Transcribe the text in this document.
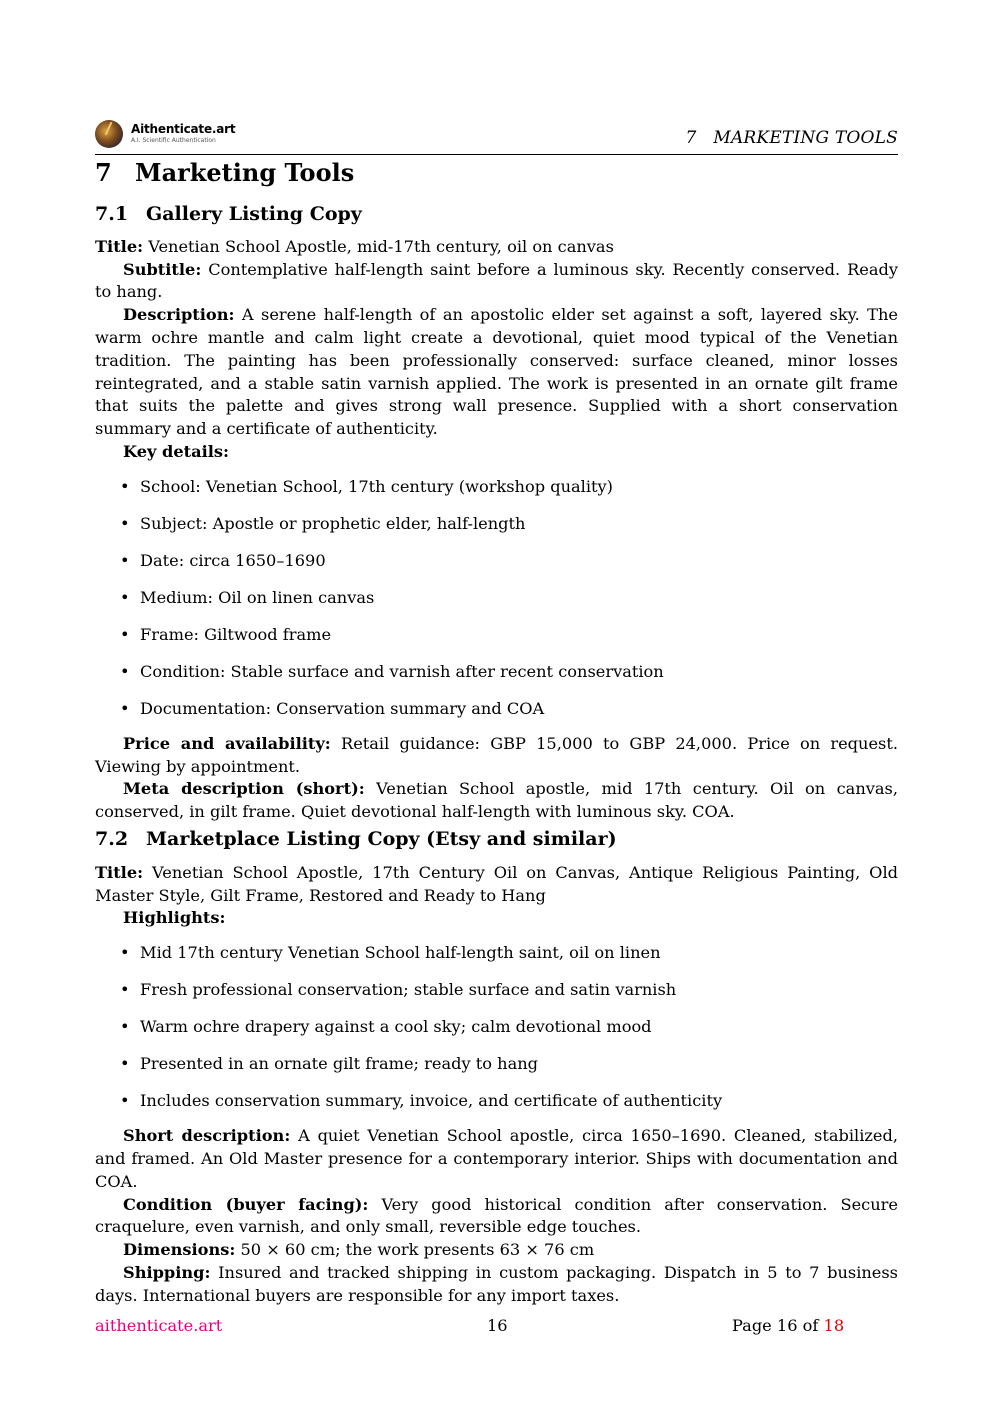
Aithenticate.art
A.I. Scientific Authentication	7   MARKETING TOOLS
7 Marketing Tools
7.1 Gallery Listing Copy

Title: Venetian School Apostle, mid-17th century, oil on canvas

Subtitle: Contemplative half-length saint before a luminous sky. Recently conserved. Ready to hang.

Description: A serene half-length of an apostolic elder set against a soft, layered sky. The warm ochre mantle and calm light create a devotional, quiet mood typical of the Venetian tradition. The painting has been professionally conserved: surface cleaned, minor losses reintegrated, and a stable satin varnish applied. The work is presented in an ornate gilt frame that suits the palette and gives strong wall presence. Supplied with a short conservation summary and a certificate of authenticity.

Key details:

• School: Venetian School, 17th century (workshop quality)
• Subject: Apostle or prophetic elder, half-length
• Date: circa 1650–1690
• Medium: Oil on linen canvas
• Frame: Giltwood frame
• Condition: Stable surface and varnish after recent conservation
• Documentation: Conservation summary and COA

Price and availability: Retail guidance: GBP 15,000 to GBP 24,000. Price on request. Viewing by appointment.

Meta description (short): Venetian School apostle, mid 17th century. Oil on canvas, conserved, in gilt frame. Quiet devotional half-length with luminous sky. COA.

7.2 Marketplace Listing Copy (Etsy and similar)

Title: Venetian School Apostle, 17th Century Oil on Canvas, Antique Religious Painting, Old Master Style, Gilt Frame, Restored and Ready to Hang

Highlights:

• Mid 17th century Venetian School half-length saint, oil on linen
• Fresh professional conservation; stable surface and satin varnish
• Warm ochre drapery against a cool sky; calm devotional mood
• Presented in an ornate gilt frame; ready to hang
• Includes conservation summary, invoice, and certificate of authenticity

Short description: A quiet Venetian School apostle, circa 1650–1690. Cleaned, stabilized, and framed. An Old Master presence for a contemporary interior. Ships with documentation and COA.

Condition (buyer facing): Very good historical condition after conservation. Secure craquelure, even varnish, and only small, reversible edge touches.

Dimensions: 50 × 60 cm; the work presents 63 × 76 cm

Shipping: Insured and tracked shipping in custom packaging. Dispatch in 5 to 7 business days. International buyers are responsible for any import taxes.

aithenticate.art	16	Page 16 of 18
